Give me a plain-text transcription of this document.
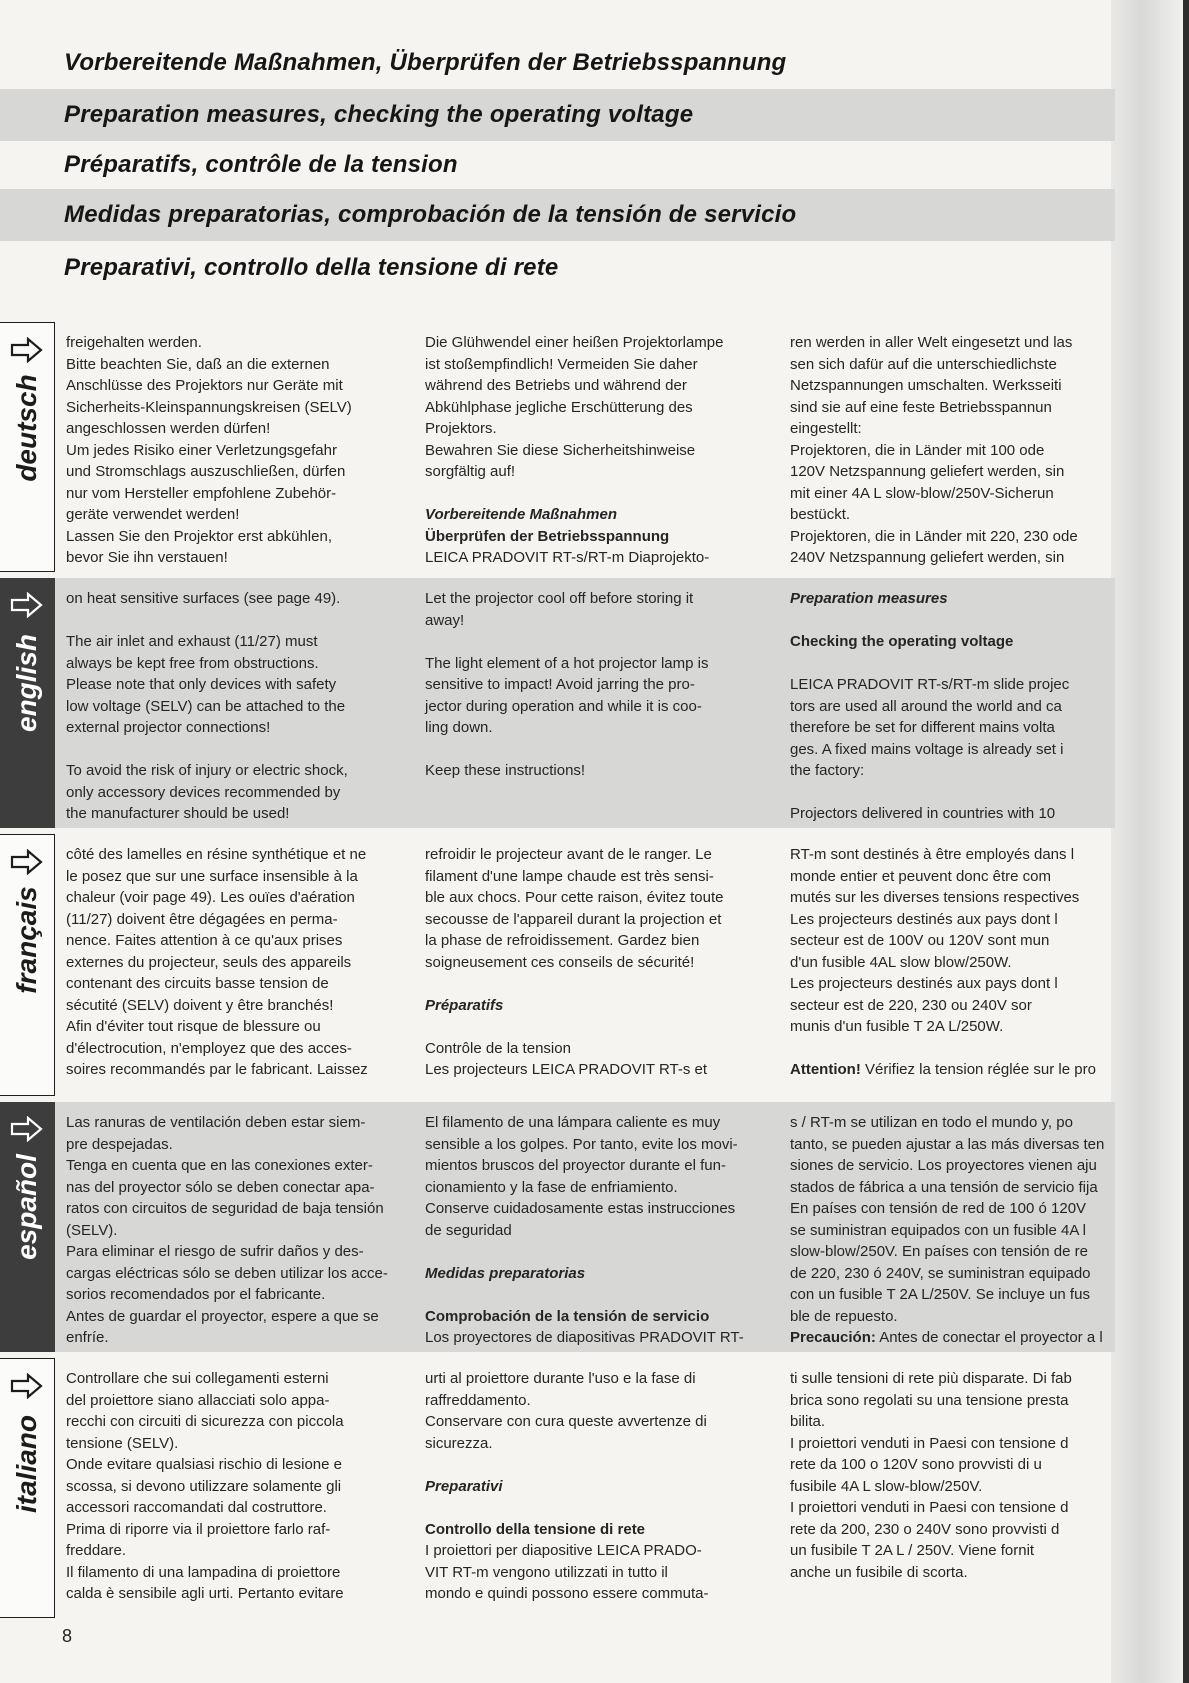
Vorbereitende Maßnahmen, Überprüfen der Betriebsspannung
Preparation measures, checking the operating voltage
Préparatifs, contrôle de la tension
Medidas preparatorias, comprobación de la tensión de servicio
Preparativi, controllo della tensione di rete
deutsch

freigehalten werden.

Bitte beachten Sie, daß an die externen

Anschlüsse des Projektors nur Geräte mit

Sicherheits-Kleinspannungskreisen (SELV)

angeschlossen werden dürfen!

Um jedes Risiko einer Verletzungsgefahr

und Stromschlags auszuschließen, dürfen

nur vom Hersteller empfohlene Zubehör-

geräte verwendet werden!

Lassen Sie den Projektor erst abkühlen,

bevor Sie ihn verstauen!

Die Glühwendel einer heißen Projektorlampe

ist stoßempfindlich! Vermeiden Sie daher

während des Betriebs und während der

Abkühlphase jegliche Erschütterung des

Projektors.

Bewahren Sie diese Sicherheitshinweise

sorgfältig auf!

Vorbereitende Maßnahmen

Überprüfen der Betriebsspannung

LEICA PRADOVIT RT-s/RT-m Diaprojekto-

ren werden in aller Welt eingesetzt und las

sen sich dafür auf die unterschiedlichste

Netzspannungen umschalten. Werksseiti

sind sie auf eine feste Betriebsspannun

eingestellt:

Projektoren, die in Länder mit 100 ode

120V Netzspannung geliefert werden, sin

mit einer 4A L slow-blow/250V-Sicherun

bestückt.

Projektoren, die in Länder mit 220, 230 ode

240V Netzspannung geliefert werden, sin

english

on heat sensitive surfaces (see page 49).

The air inlet and exhaust (11/27) must

always be kept free from obstructions.

Please note that only devices with safety

low voltage (SELV) can be attached to the

external projector connections!

To avoid the risk of injury or electric shock,

only accessory devices recommended by

the manufacturer should be used!

Let the projector cool off before storing it

away!

The light element of a hot projector lamp is

sensitive to impact! Avoid jarring the pro-

jector during operation and while it is coo-

ling down.

Keep these instructions!

Preparation measures

Checking the operating voltage

LEICA PRADOVIT RT-s/RT-m slide projec

tors are used all around the world and ca

therefore be set for different mains volta

ges. A fixed mains voltage is already set i

the factory:

Projectors delivered in countries with 10

français

côté des lamelles en résine synthétique et ne

le posez que sur une surface insensible à la

chaleur (voir page 49). Les ouïes d'aération

(11/27) doivent être dégagées en perma-

nence. Faites attention à ce qu'aux prises

externes du projecteur, seuls des appareils

contenant des circuits basse tension de

sécutité (SELV) doivent y être branchés!

Afin d'éviter tout risque de blessure ou

d'électrocution, n'employez que des acces-

soires recommandés par le fabricant. Laissez

refroidir le projecteur avant de le ranger. Le

filament d'une lampe chaude est très sensi-

ble aux chocs. Pour cette raison, évitez toute

secousse de l'appareil durant la projection et

la phase de refroidissement. Gardez bien

soigneusement ces conseils de sécurité!

Préparatifs

Contrôle de la tension

Les projecteurs LEICA PRADOVIT RT-s et

RT-m sont destinés à être employés dans l

monde entier et peuvent donc être com

mutés sur les diverses tensions respectives

Les projecteurs destinés aux pays dont l

secteur est de 100V ou 120V sont mun

d'un fusible 4AL slow blow/250W.

Les projecteurs destinés aux pays dont l

secteur est de 220, 230 ou 240V sor

munis d'un fusible T 2A L/250W.

Attention! Vérifiez la tension réglée sur le pro

español

Las ranuras de ventilación deben estar siem-

pre despejadas.

Tenga en cuenta que en las conexiones exter-

nas del proyector sólo se deben conectar apa-

ratos con circuitos de seguridad de baja tensión

(SELV).

Para eliminar el riesgo de sufrir daños y des-

cargas eléctricas sólo se deben utilizar los acce-

sorios recomendados por el fabricante.

Antes de guardar el proyector, espere a que se

enfríe.

El filamento de una lámpara caliente es muy

sensible a los golpes. Por tanto, evite los movi-

mientos bruscos del proyector durante el fun-

cionamiento y la fase de enfriamiento.

Conserve cuidadosamente estas instrucciones

de seguridad

Medidas preparatorias

Comprobación de la tensión de servicio

Los proyectores de diapositivas PRADOVIT RT-

s / RT-m se utilizan en todo el mundo y, po

tanto, se pueden ajustar a las más diversas ten

siones de servicio. Los proyectores vienen aju

stados de fábrica a una tensión de servicio fija

En países con tensión de red de 100 ó 120V

se suministran equipados con un fusible 4A l

slow-blow/250V. En países con tensión de re

de 220, 230 ó 240V, se suministran equipado

con un fusible T 2A L/250V. Se incluye un fus

ble de repuesto.

Precaución: Antes de conectar el proyector a l

italiano

Controllare che sui collegamenti esterni

del proiettore siano allacciati solo appa-

recchi con circuiti di sicurezza con piccola

tensione (SELV).

Onde evitare qualsiasi rischio di lesione e

scossa, si devono utilizzare solamente gli

accessori raccomandati dal costruttore.

Prima di riporre via il proiettore farlo raf-

freddare.

Il filamento di una lampadina di proiettore

calda è sensibile agli urti. Pertanto evitare

urti al proiettore durante l'uso e la fase di

raffreddamento.

Conservare con cura queste avvertenze di

sicurezza.

Preparativi

Controllo della tensione di rete

I proiettori per diapositive LEICA PRADO-

VIT RT-m vengono utilizzati in tutto il

mondo e quindi possono essere commuta-

ti sulle tensioni di rete più disparate. Di fab

brica sono regolati su una tensione presta

bilita.

I proiettori venduti in Paesi con tensione d

rete da 100 o 120V sono provvisti di u

fusibile 4A L slow-blow/250V.

I proiettori venduti in Paesi con tensione d

rete da 200, 230 o 240V sono provvisti d

un fusibile T 2A L / 250V. Viene fornit

anche un fusibile di scorta.

8
